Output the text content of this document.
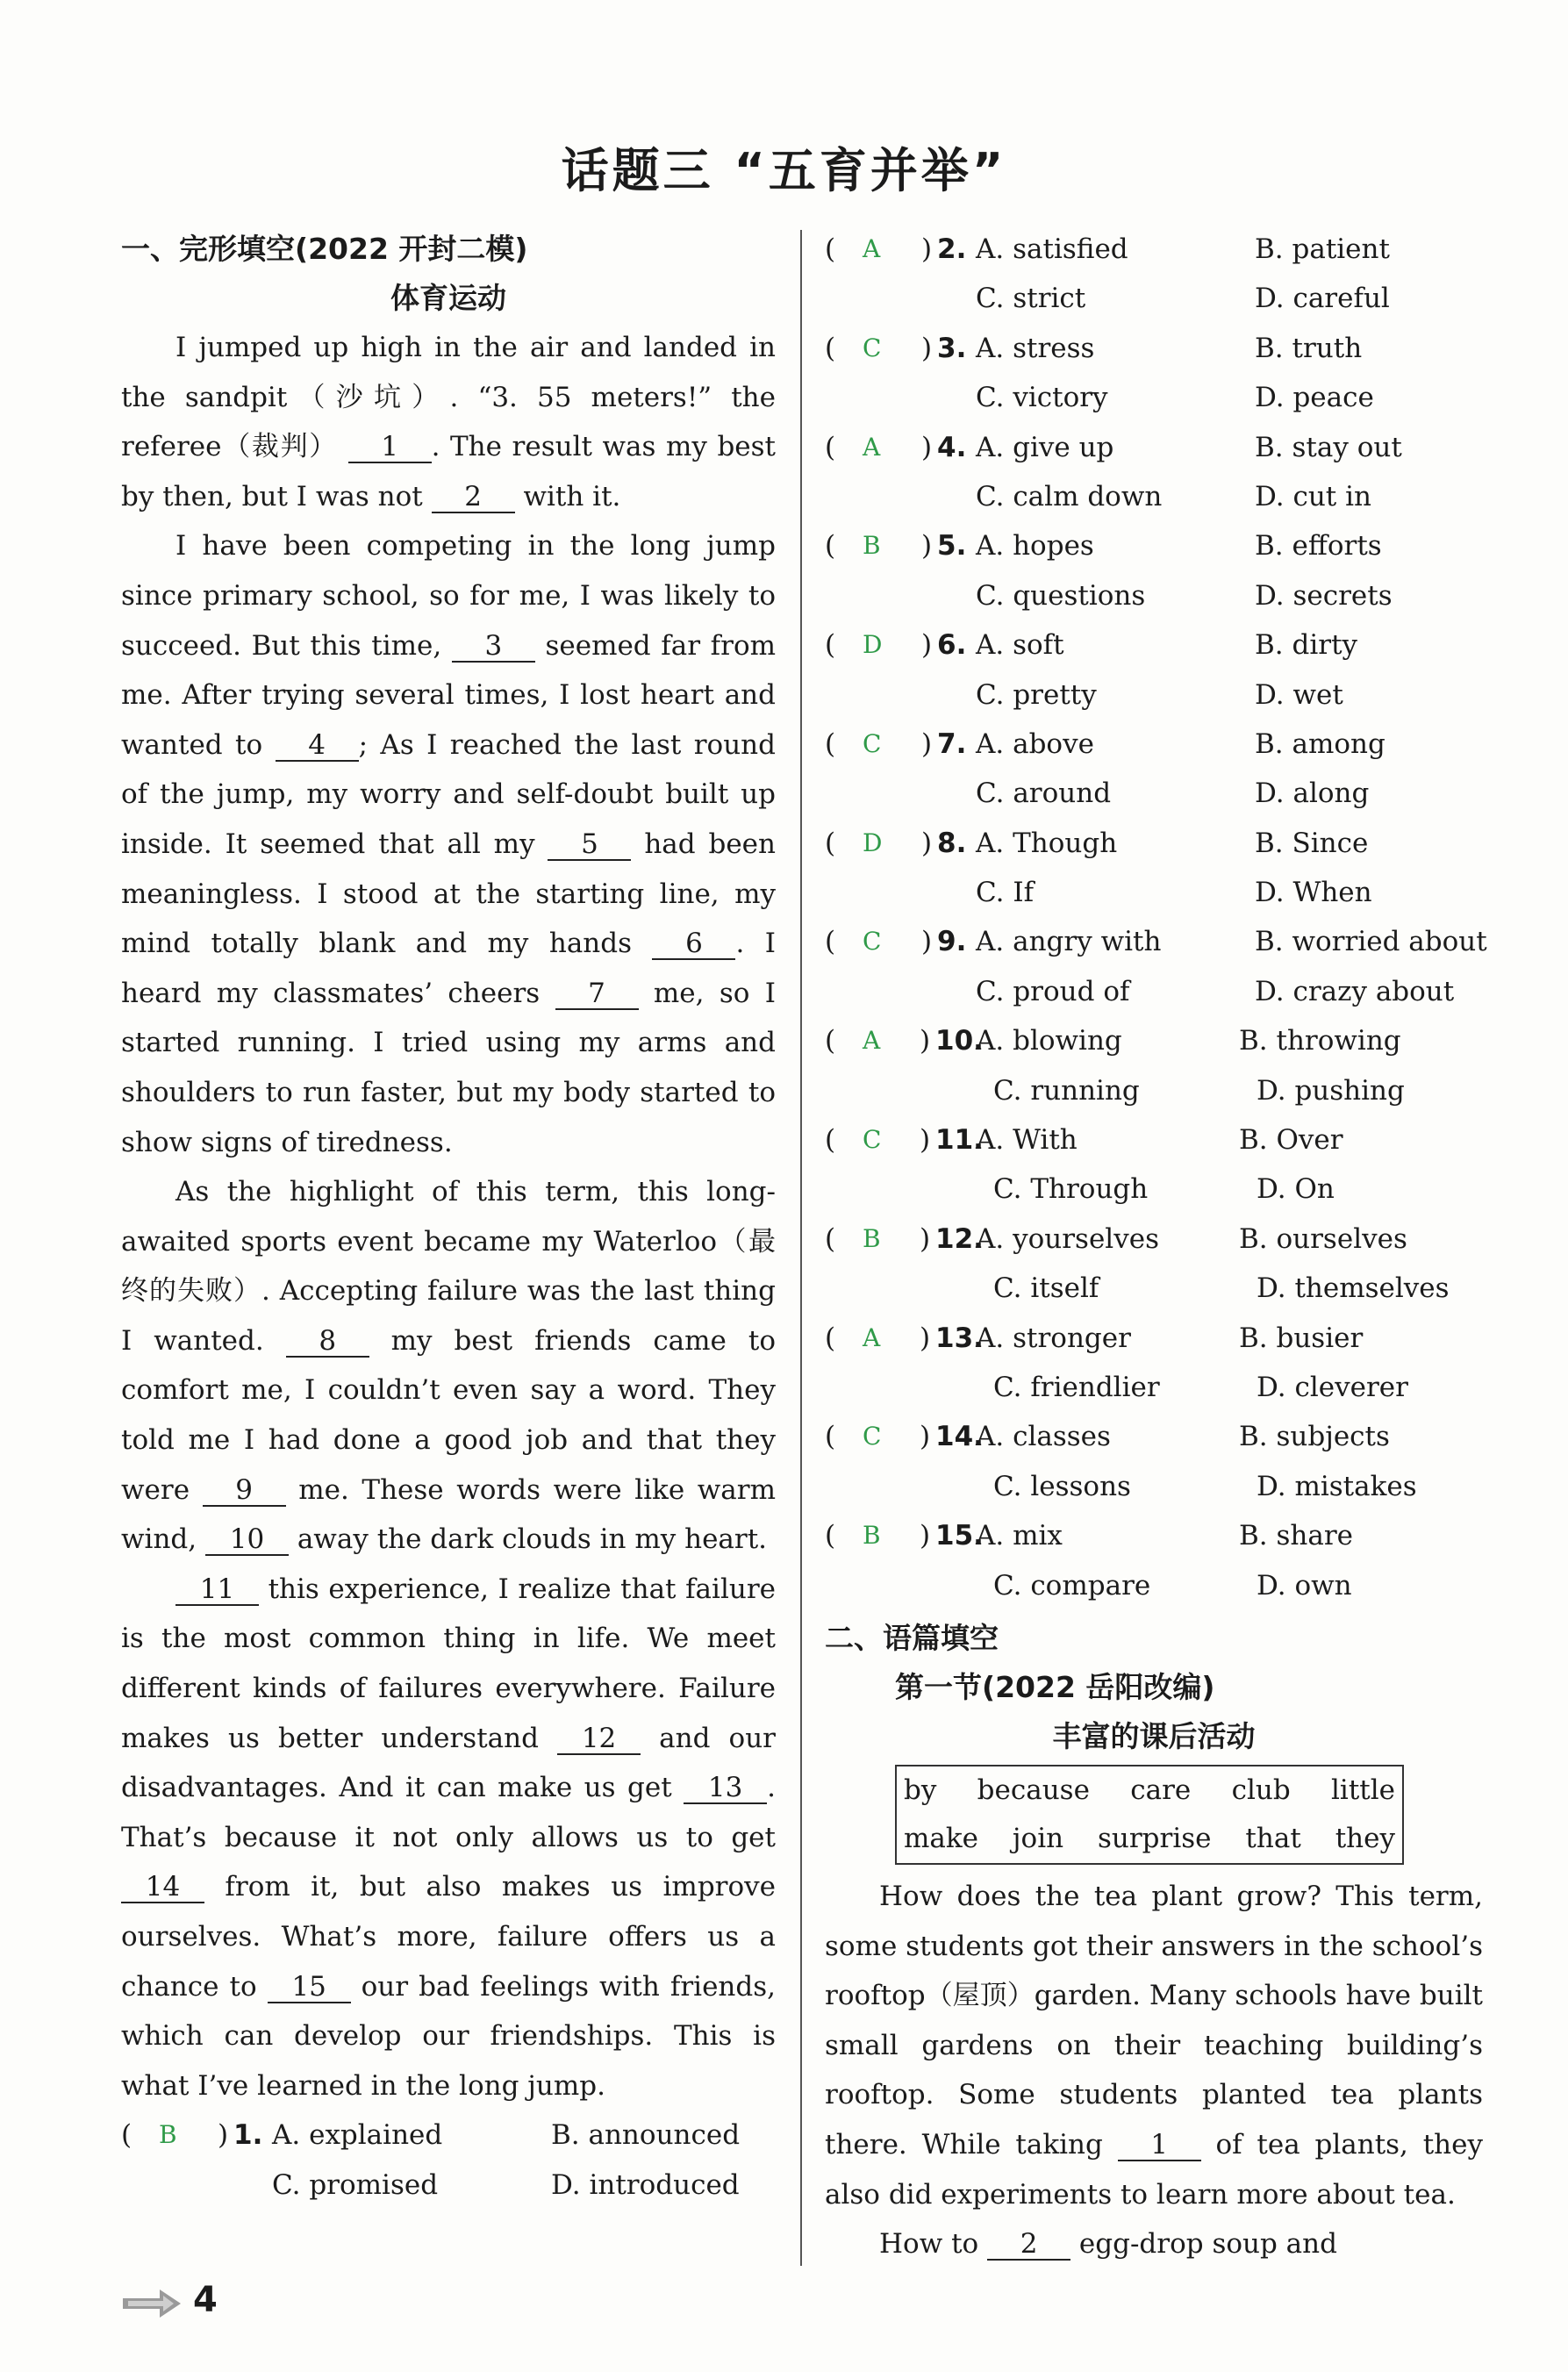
话题三 “五育并举”
一、完形填空(2022 开封二模)
体育运动

I jumped up high in the air and landed in the sandpit（沙坑）. “3. 55 meters!” the referee（裁判） 1 . The result was my best by then, but I was not 2 with it.

I have been competing in the long jump since primary school, so for me, I was likely to succeed. But this time, 3 seemed far from me. After trying several times, I lost heart and wanted to 4 ; As I reached the last round of the jump, my worry and self-doubt built up inside. It seemed that all my 5 had been meaningless. I stood at the starting line, my mind totally blank and my hands 6 . I heard my classmates’ cheers 7 me, so I started running. I tried using my arms and shoulders to run faster, but my body started to show signs of tiredness.

As the highlight of this term, this long-awaited sports event became my Waterloo（最终的失败）. Accepting failure was the last thing I wanted. 8 my best friends came to comfort me, I couldn’t even say a word. They told me I had done a good job and that they were 9 me. These words were like warm wind, 10 away the dark clouds in my heart.

11 this experience, I realize that failure is the most common thing in life. We meet different kinds of failures everywhere. Failure makes us better understand 12 and our disadvantages. And it can make us get 13 . That’s because it not only allows us to get 14 from it, but also makes us improve ourselves. What’s more, failure offers us a chance to 15 our bad feelings with friends, which can develop our friendships. This is what I’ve learned in the long jump.

( B ) 1. A. explained	B. announced
C. promised	D. introduced
( A ) 2. A. satisfied	B. patient
C. strict	D. careful
( C ) 3. A. stress	B. truth
C. victory	D. peace
( A ) 4. A. give up	B. stay out
C. calm down	D. cut in
( B ) 5. A. hopes	B. efforts
C. questions	D. secrets
( D ) 6. A. soft	B. dirty
C. pretty	D. wet
( C ) 7. A. above	B. among
C. around	D. along
( D ) 8. A. Though	B. Since
C. If	D. When
( C ) 9. A. angry with	B. worried about
C. proud of	D. crazy about
( A ) 10.
A. blowing	B. throwing
C. running	D. pushing
( C ) 11.
A. With	B. Over
C. Through	D. On
( B ) 12.
A. yourselves	B. ourselves
C. itself	D. themselves
( A ) 13.
A. stronger	B. busier
C. friendlier	D. cleverer
( C ) 14.
A. classes	B. subjects
C. lessons	D. mistakes
( B ) 15.
A. mix	B. share
C. compare	D. own
二、语篇填空
第一节(2022 岳阳改编)
丰富的课后活动
by because care club little
make join surprise that they

How does the tea plant grow? This term, some students got their answers in the school’s rooftop（屋顶）garden. Many schools have built small gardens on their teaching building’s rooftop. Some students planted tea plants there. While taking 1 of tea plants, they also did experiments to learn more about tea.

How to 2 egg-drop soup and

4
